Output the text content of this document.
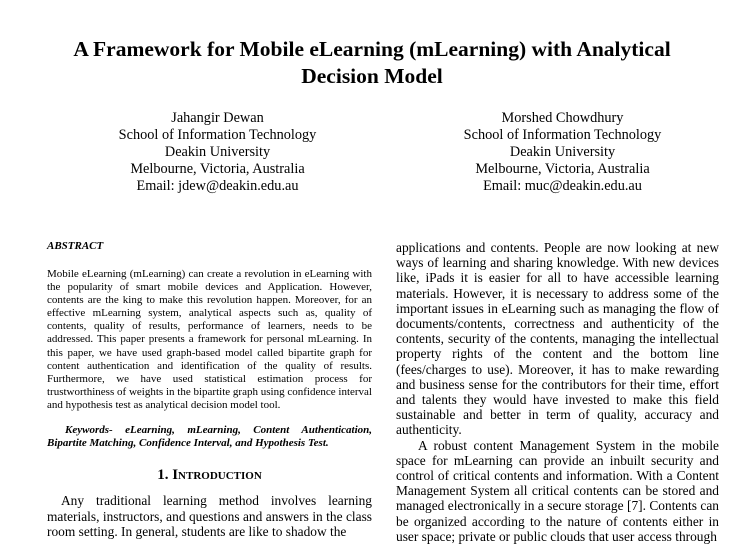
A Framework for Mobile eLearning (mLearning) with Analytical Decision Model
Jahangir Dewan
School of Information Technology
Deakin University
Melbourne, Victoria, Australia
Email: jdew@deakin.edu.au
Morshed Chowdhury
School of Information Technology
Deakin University
Melbourne, Victoria, Australia
Email: muc@deakin.edu.au

ABSTRACT

Mobile eLearning (mLearning) can create a revolution in eLearning with the popularity of smart mobile devices and Application. However, contents are the king to make this revolution happen. Moreover, for an effective mLearning system, analytical aspects such as, quality of contents, quality of results, performance of learners, needs to be addressed. This paper presents a framework for personal mLearning. In this paper, we have used graph-based model called bipartite graph for content authentication and identification of the quality of results. Furthermore, we have used statistical estimation process for trustworthiness of weights in the bipartite graph using confidence interval and hypothesis test as analytical decision model tool.

Keywords- eLearning, mLearning, Content Authentication, Bipartite Matching, Confidence Interval, and Hypothesis Test.

1. Introduction

Any traditional learning method involves learning materials, instructors, and questions and answers in the class room setting. In general, students are like to shadow the

applications and contents. People are now looking at new ways of learning and sharing knowledge. With new devices like, iPads it is easier for all to have accessible learning materials. However, it is necessary to address some of the important issues in eLearning such as managing the flow of documents/contents, correctness and authenticity of the contents, security of the contents, managing the intellectual property rights of the content and the bottom line (fees/charges to use). Moreover, it has to make rewarding and business sense for the contributors for their time, effort and talents they would have invested to make this field sustainable and better in term of quality, accuracy and authenticity.

A robust content Management System in the mobile space for mLearning can provide an inbuilt security and control of critical contents and information. With a Content Management System all critical contents can be stored and managed electronically in a secure storage [7]. Contents can be organized according to the nature of contents either in user space; private or public clouds that user access through
